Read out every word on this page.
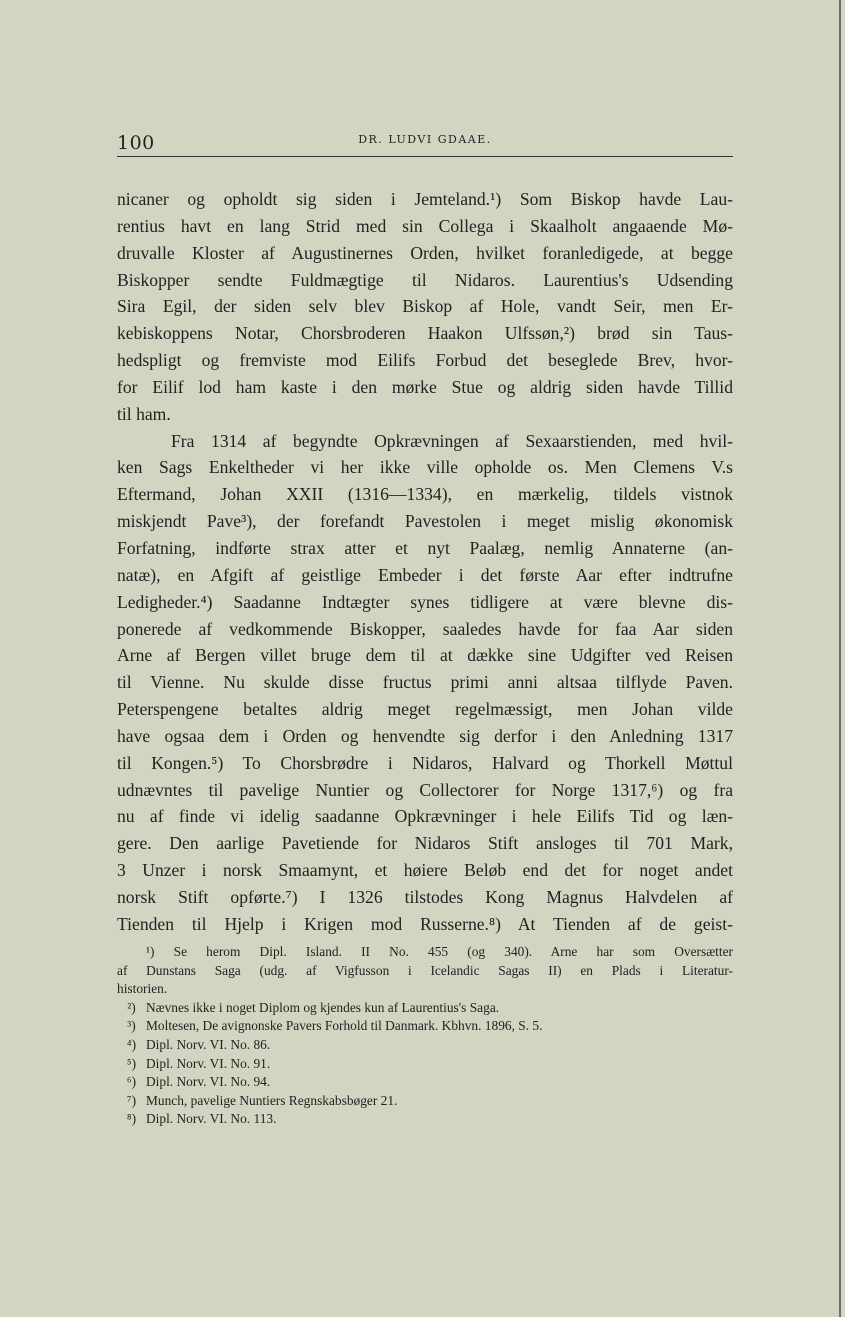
100	DR. LUDVI GDAAE.
nicaner og opholdt sig siden i Jemteland.¹) Som Biskop havde Lau-
rentius havt en lang Strid med sin Collega i Skaalholt angaaende Mø-
druvalle Kloster af Augustinernes Orden, hvilket foranledigede, at begge
Biskopper sendte Fuldmægtige til Nidaros. Laurentius's Udsending
Sira Egil, der siden selv blev Biskop af Hole, vandt Seir, men Er-
kebiskoppens Notar, Chorsbroderen Haakon Ulfssøn,²) brød sin Taus-
hedspligt og fremviste mod Eilifs Forbud det beseglede Brev, hvor-
for Eilif lod ham kaste i den mørke Stue og aldrig siden havde Tillid
til ham.
Fra 1314 af begyndte Opkrævningen af Sexaarstienden, med hvil-
ken Sags Enkeltheder vi her ikke ville opholde os. Men Clemens V.s
Eftermand, Johan XXII (1316—1334), en mærkelig, tildels vistnok
miskjendt Pave³), der forefandt Pavestolen i meget mislig økonomisk
Forfatning, indførte strax atter et nyt Paalæg, nemlig Annaterne (an-
natæ), en Afgift af geistlige Embeder i det første Aar efter indtrufne
Ledigheder.⁴) Saadanne Indtægter synes tidligere at være blevne dis-
ponerede af vedkommende Biskopper, saaledes havde for faa Aar siden
Arne af Bergen villet bruge dem til at dække sine Udgifter ved Reisen
til Vienne. Nu skulde disse fructus primi anni altsaa tilflyde Paven.
Peterspengene betaltes aldrig meget regelmæssigt, men Johan vilde
have ogsaa dem i Orden og henvendte sig derfor i den Anledning 1317
til Kongen.⁵) To Chorsbrødre i Nidaros, Halvard og Thorkell Møttul
udnævntes til pavelige Nuntier og Collectorer for Norge 1317,⁶) og fra
nu af finde vi idelig saadanne Opkrævninger i hele Eilifs Tid og læn-
gere. Den aarlige Pavetiende for Nidaros Stift ansloges til 701 Mark,
3 Unzer i norsk Smaamynt, et høiere Beløb end det for noget andet
norsk Stift opførte.⁷) I 1326 tilstodes Kong Magnus Halvdelen af
Tienden til Hjelp i Krigen mod Russerne.⁸) At Tienden af de geist-
¹) Se herom Dipl. Island. II No. 455 (og 340). Arne har som Oversætter
af Dunstans Saga (udg. af Vigfusson i Icelandic Sagas II) en Plads i Literatur-
historien.
²) Nævnes ikke i noget Diplom og kjendes kun af Laurentius's Saga.
³) Moltesen, De avignonske Pavers Forhold til Danmark. Kbhvn. 1896, S. 5.
⁴) Dipl. Norv. VI. No. 86.
⁵) Dipl. Norv. VI. No. 91.
⁶) Dipl. Norv. VI. No. 94.
⁷) Munch, pavelige Nuntiers Regnskabsbøger 21.
⁸) Dipl. Norv. VI. No. 113.
